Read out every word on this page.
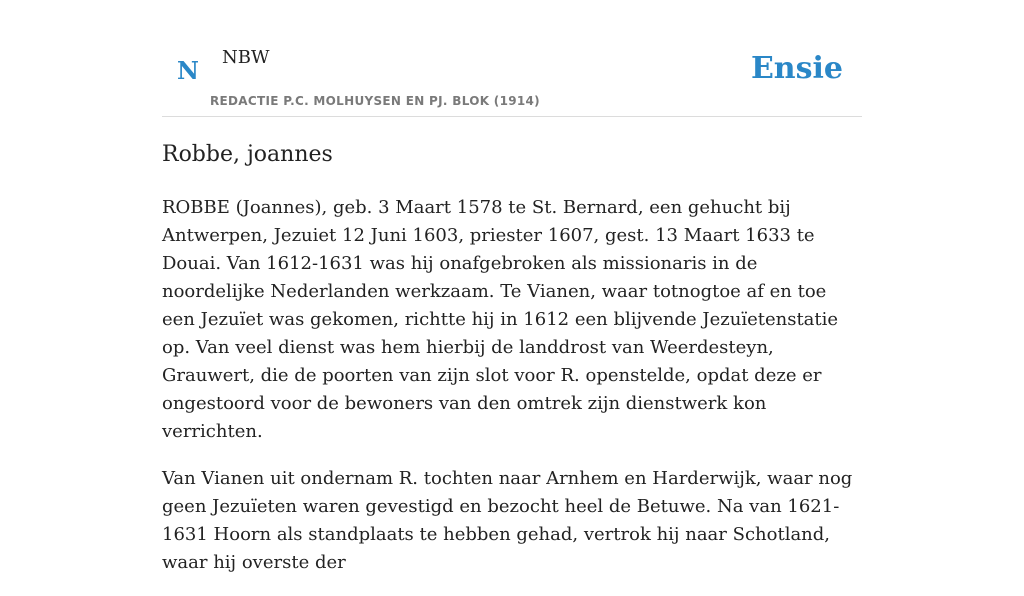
N NBW
REDACTIE P.C. MOLHUYSEN EN PJ. BLOK (1914)
Ensie
Robbe, joannes

ROBBE (Joannes), geb. 3 Maart 1578 te St. Bernard, een gehucht bij Antwerpen, Jezuiet 12 Juni 1603, priester 1607, gest. 13 Maart 1633 te Douai. Van 1612-1631 was hij onafgebroken als missionaris in de noordelijke Nederlanden werkzaam. Te Vianen, waar totnogtoe af en toe een Jezuïet was gekomen, richtte hij in 1612 een blijvende Jezuïetenstatie op. Van veel dienst was hem hierbij de landdrost van Weerdesteyn, Grauwert, die de poorten van zijn slot voor R. openstelde, opdat deze er ongestoord voor de bewoners van den omtrek zijn dienstwerk kon verrichten.

Van Vianen uit ondernam R. tochten naar Arnhem en Harderwijk, waar nog geen Jezuïeten waren gevestigd en bezocht heel de Betuwe. Na van 1621-1631 Hoorn als standplaats te hebben gehad, vertrok hij naar Schotland, waar hij overste der
